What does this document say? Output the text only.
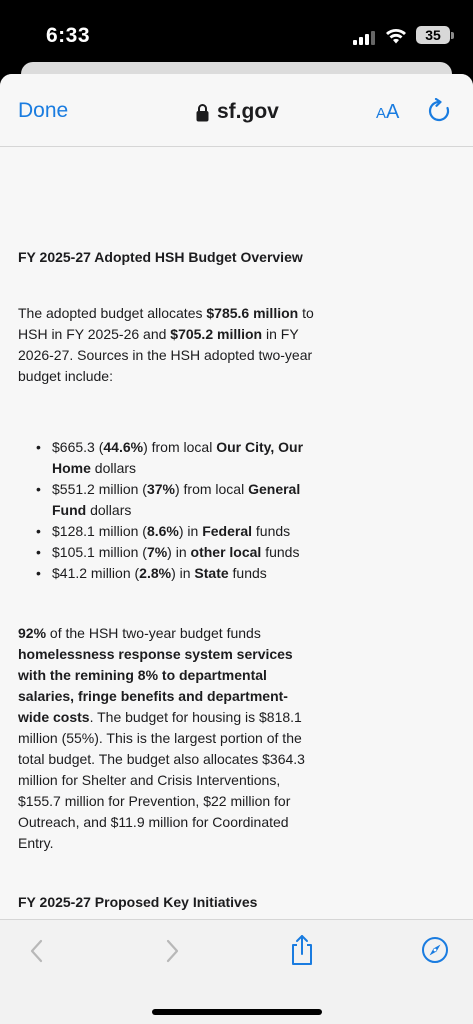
6:33	35
Done	sf.gov	AA
FY 2025-27 Adopted HSH Budget Overview
The adopted budget allocates $785.6 million to HSH in FY 2025-26 and $705.2 million in FY 2026-27. Sources in the HSH adopted two-year budget include:
• $665.3 (44.6%) from local Our City, Our Home dollars
• $551.2 million (37%) from local General Fund dollars
• $128.1 million (8.6%) in Federal funds
• $105.1 million (7%) in other local funds
• $41.2 million (2.8%) in State funds
92% of the HSH two-year budget funds homelessness response system services with the remining 8% to departmental salaries, fringe benefits and department-wide costs. The budget for housing is $818.1 million (55%). This is the largest portion of the total budget. The budget also allocates $364.3 million for Shelter and Crisis Interventions, $155.7 million for Prevention, $22 million for Outreach, and $11.9 million for Coordinated Entry.
FY 2025-27 Proposed Key Initiatives
